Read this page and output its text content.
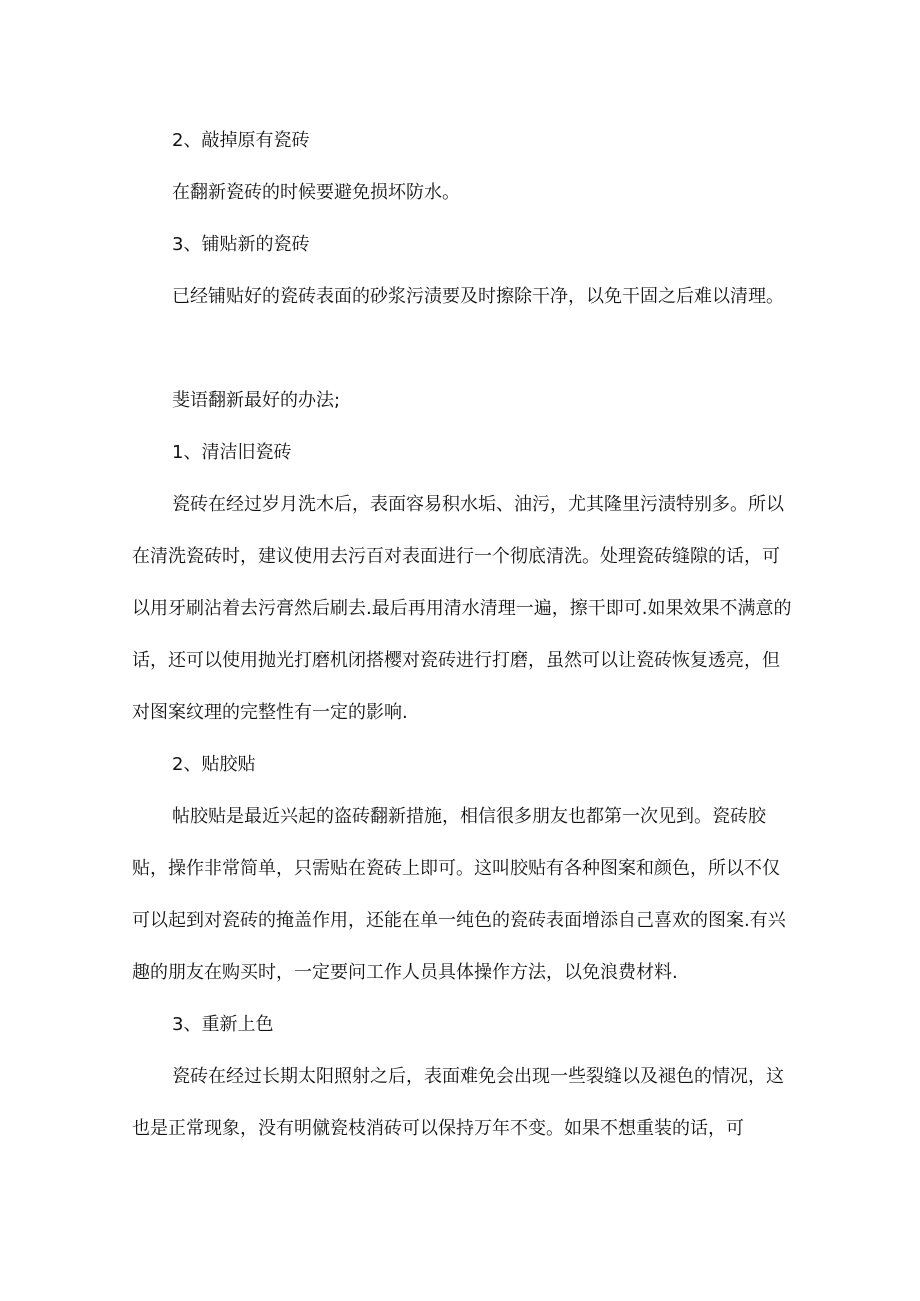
2、敲掉原有瓷砖

在翻新瓷砖的时候要避免损坏防水。

3、铺贴新的瓷砖

已经铺贴好的瓷砖表面的砂浆污渍要及时擦除干净，以免干固之后难以清理。

斐语翻新最好的办法;

1、清洁旧瓷砖

瓷砖在经过岁月洗木后，表面容易积水垢、油污，尤其隆里污渍特别多。所以在清洗瓷砖时，建议使用去污百对表面进行一个彻底清洗。处理瓷砖缝隙的话，可以用牙刷沾着去污膏然后刷去.最后再用清水清理一遍，擦干即可.如果效果不满意的话，还可以使用抛光打磨机闭搭樱对瓷砖进行打磨，虽然可以让瓷砖恢复透亮，但对图案纹理的完整性有一定的影响.

2、贴胶贴

帖胶贴是最近兴起的盗砖翻新措施，相信很多朋友也都第一次见到。瓷砖胶贴，操作非常简单，只需贴在瓷砖上即可。这叫胶贴有各种图案和颜色，所以不仅可以起到对瓷砖的掩盖作用，还能在单一纯色的瓷砖表面增添自己喜欢的图案.有兴趣的朋友在购买时，一定要问工作人员具体操作方法，以免浪费材料.

3、重新上色

瓷砖在经过长期太阳照射之后，表面难免会出现一些裂缝以及褪色的情况，这也是正常现象，没有明僦瓷枝消砖可以保持万年不变。如果不想重装的话，可
